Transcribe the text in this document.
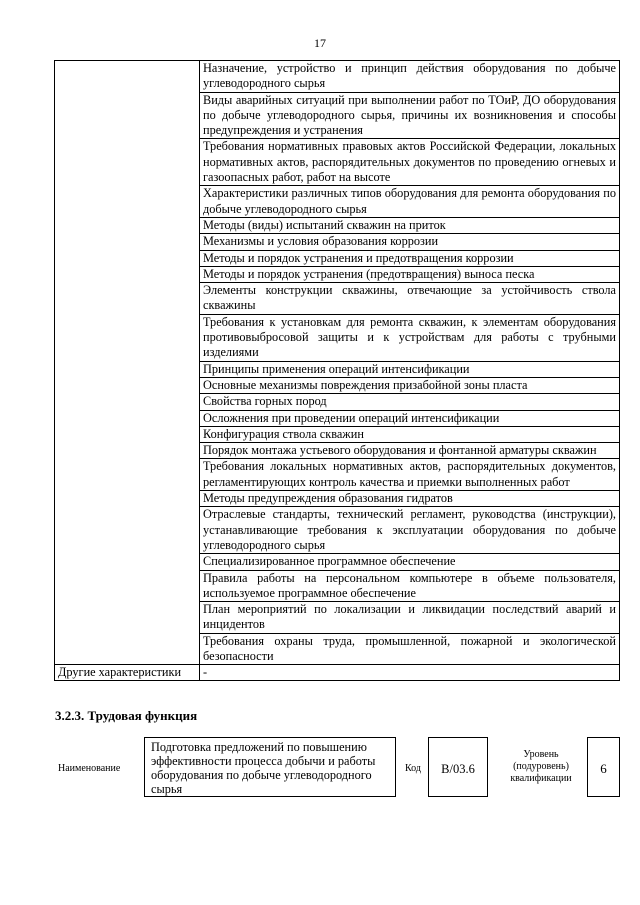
17
	Назначение, устройство и принцип действия оборудования по добыче углеводородного сырья
	Виды аварийных ситуаций при выполнении работ по ТОиР, ДО оборудования по добыче углеводородного сырья, причины их возникновения и способы предупреждения и устранения
	Требования нормативных правовых актов Российской Федерации, локальных нормативных актов, распорядительных документов по проведению огневых и газоопасных работ, работ на высоте
	Характеристики различных типов оборудования для ремонта оборудования по добыче углеводородного сырья
	Методы (виды) испытаний скважин на приток
	Механизмы и условия образования коррозии
	Методы и порядок устранения и предотвращения коррозии
	Методы и порядок устранения (предотвращения) выноса песка
	Элементы конструкции скважины, отвечающие за устойчивость ствола скважины
	Требования к установкам для ремонта скважин, к элементам оборудования противовыбросовой защиты и к устройствам для работы с трубными изделиями
	Принципы применения операций интенсификации
	Основные механизмы повреждения призабойной зоны пласта
	Свойства горных пород
	Осложнения при проведении операций интенсификации
	Конфигурация ствола скважин
	Порядок монтажа устьевого оборудования и фонтанной арматуры скважин
	Требования локальных нормативных актов, распорядительных документов, регламентирующих контроль качества и приемки выполненных работ
	Методы предупреждения образования гидратов
	Отраслевые стандарты, технический регламент, руководства (инструкции), устанавливающие требования к эксплуатации оборудования по добыче углеводородного сырья
	Специализированное программное обеспечение
	Правила работы на персональном компьютере в объеме пользователя, используемое программное обеспечение
	План мероприятий по локализации и ликвидации последствий аварий и инцидентов
	Требования охраны труда, промышленной, пожарной и экологической безопасности
Другие характеристики	-
3.2.3. Трудовая функция
Наименование
Подготовка предложений по повышению эффективности процесса добычи и работы оборудования по добыче углеводородного сырья
Код	B/03.6
Уровень (подуровень) квалификации
6
